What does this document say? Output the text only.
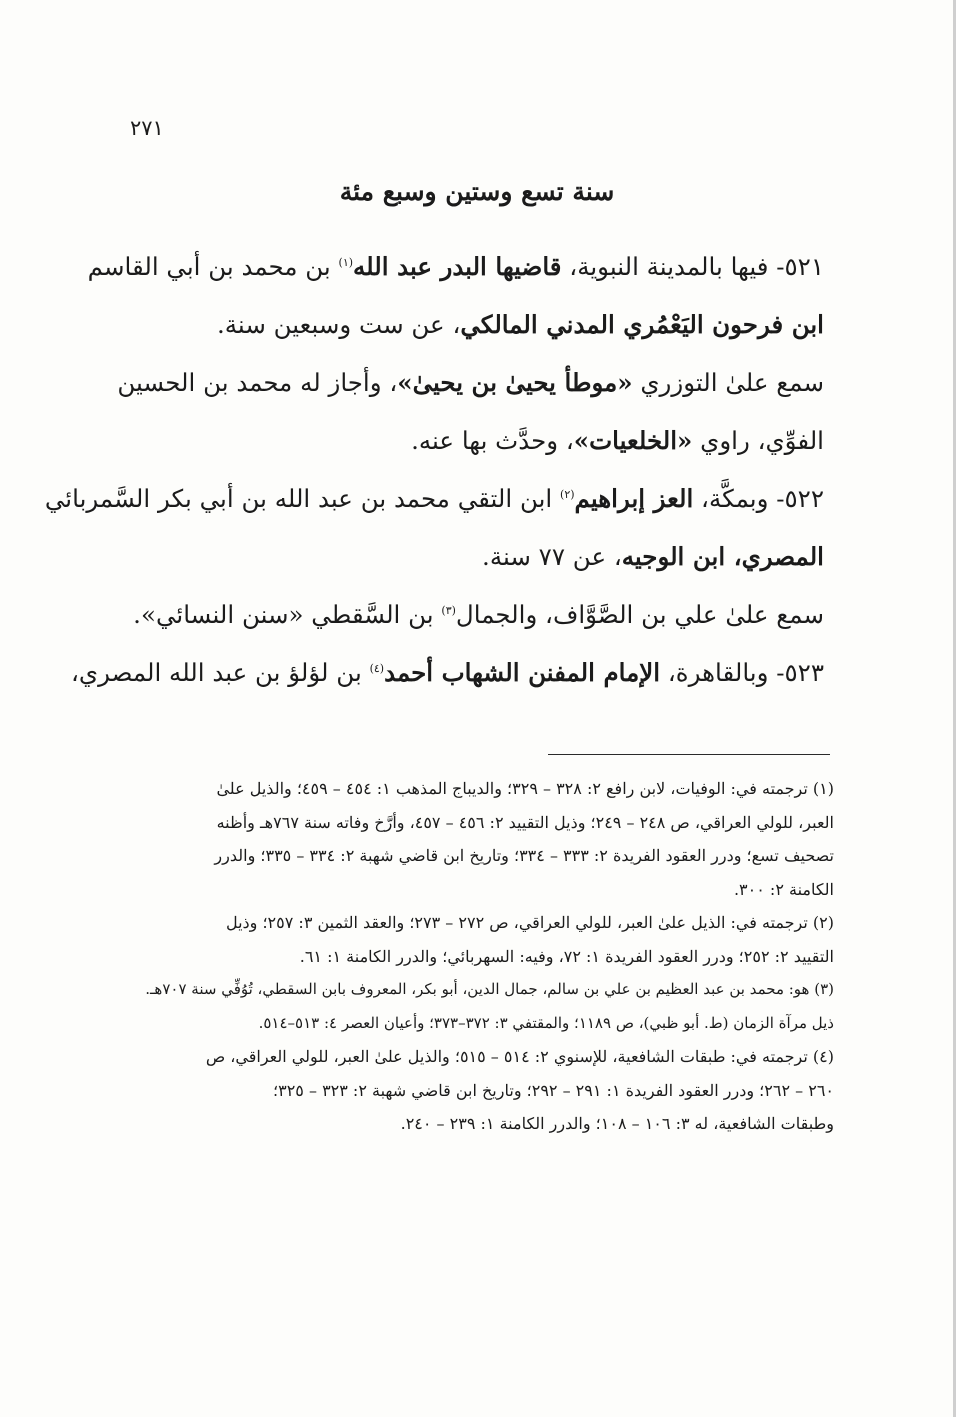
٢٧١
سنة تسع وستين وسبع مئة
٥٢١- فيها بالمدينة النبوية، قاضيها البدر عبد الله$^{(١)}$ بن محمد بن أبي القاسم
ابن فرحون اليَعْمُري المدني المالكي، عن ست وسبعين سنة.
سمع علىٰ التوزري «موطأ يحيىٰ بن يحيىٰ»، وأجاز له محمد بن الحسين
الفوِّي، راوي «الخلعيات»، وحدَّث بها عنه.
٥٢٢- وبمكَّة، العز إبراهيم$^{(٢)}$ ابن التقي محمد بن عبد الله بن أبي بكر السَّمربائي
المصري، ابن الوجيه، عن ٧٧ سنة.
سمع علىٰ علي بن الصَّوَّاف، والجمال$^{(٣)}$ بن السَّقطي «سنن النسائي».
٥٢٣- وبالقاهرة، الإمام المفنن الشهاب أحمد$^{(٤)}$ بن لؤلؤ بن عبد الله المصري،
(١) ترجمته في: الوفيات، لابن رافع ٢: ٣٢٨ – ٣٢٩؛ والديباج المذهب ١: ٤٥٤ – ٤٥٩؛ والذيل علىٰ
العبر، للولي العراقي، ص ٢٤٨ – ٢٤٩؛ وذيل التقييد ٢: ٤٥٦ – ٤٥٧، وأرَّخ وفاته سنة ٧٦٧هـ وأظنه
تصحيف تسع؛ ودرر العقود الفريدة ٢: ٣٣٣ – ٣٣٤؛ وتاريخ ابن قاضي شهبة ٢: ٣٣٤ – ٣٣٥؛ والدرر
الكامنة ٢: ٣٠٠.
(٢) ترجمته في: الذيل علىٰ العبر، للولي العراقي، ص ٢٧٢ – ٢٧٣؛ والعقد الثمين ٣: ٢٥٧؛ وذيل
التقييد ٢: ٢٥٢؛ ودرر العقود الفريدة ١: ٧٢، وفيه: السهربائي؛ والدرر الكامنة ١: ٦١.
(٣) هو: محمد بن عبد العظيم بن علي بن سالم، جمال الدين، أبو بكر، المعروف بابن السقطي، تُوُفِّي سنة ٧٠٧هـ.
ذيل مرآة الزمان (ط. أبو ظبي)، ص ١١٨٩؛ والمقتفي ٣: ٣٧٢–٣٧٣؛ وأعيان العصر ٤: ٥١٣–٥١٤.
(٤) ترجمته في: طبقات الشافعية، للإسنوي ٢: ٥١٤ – ٥١٥؛ والذيل علىٰ العبر، للولي العراقي، ص
٢٦٠ – ٢٦٢؛ ودرر العقود الفريدة ١: ٢٩١ – ٢٩٢؛ وتاريخ ابن قاضي شهبة ٢: ٣٢٣ – ٣٢٥؛
وطبقات الشافعية، له ٣: ١٠٦ – ١٠٨؛ والدرر الكامنة ١: ٢٣٩ – ٢٤٠.
